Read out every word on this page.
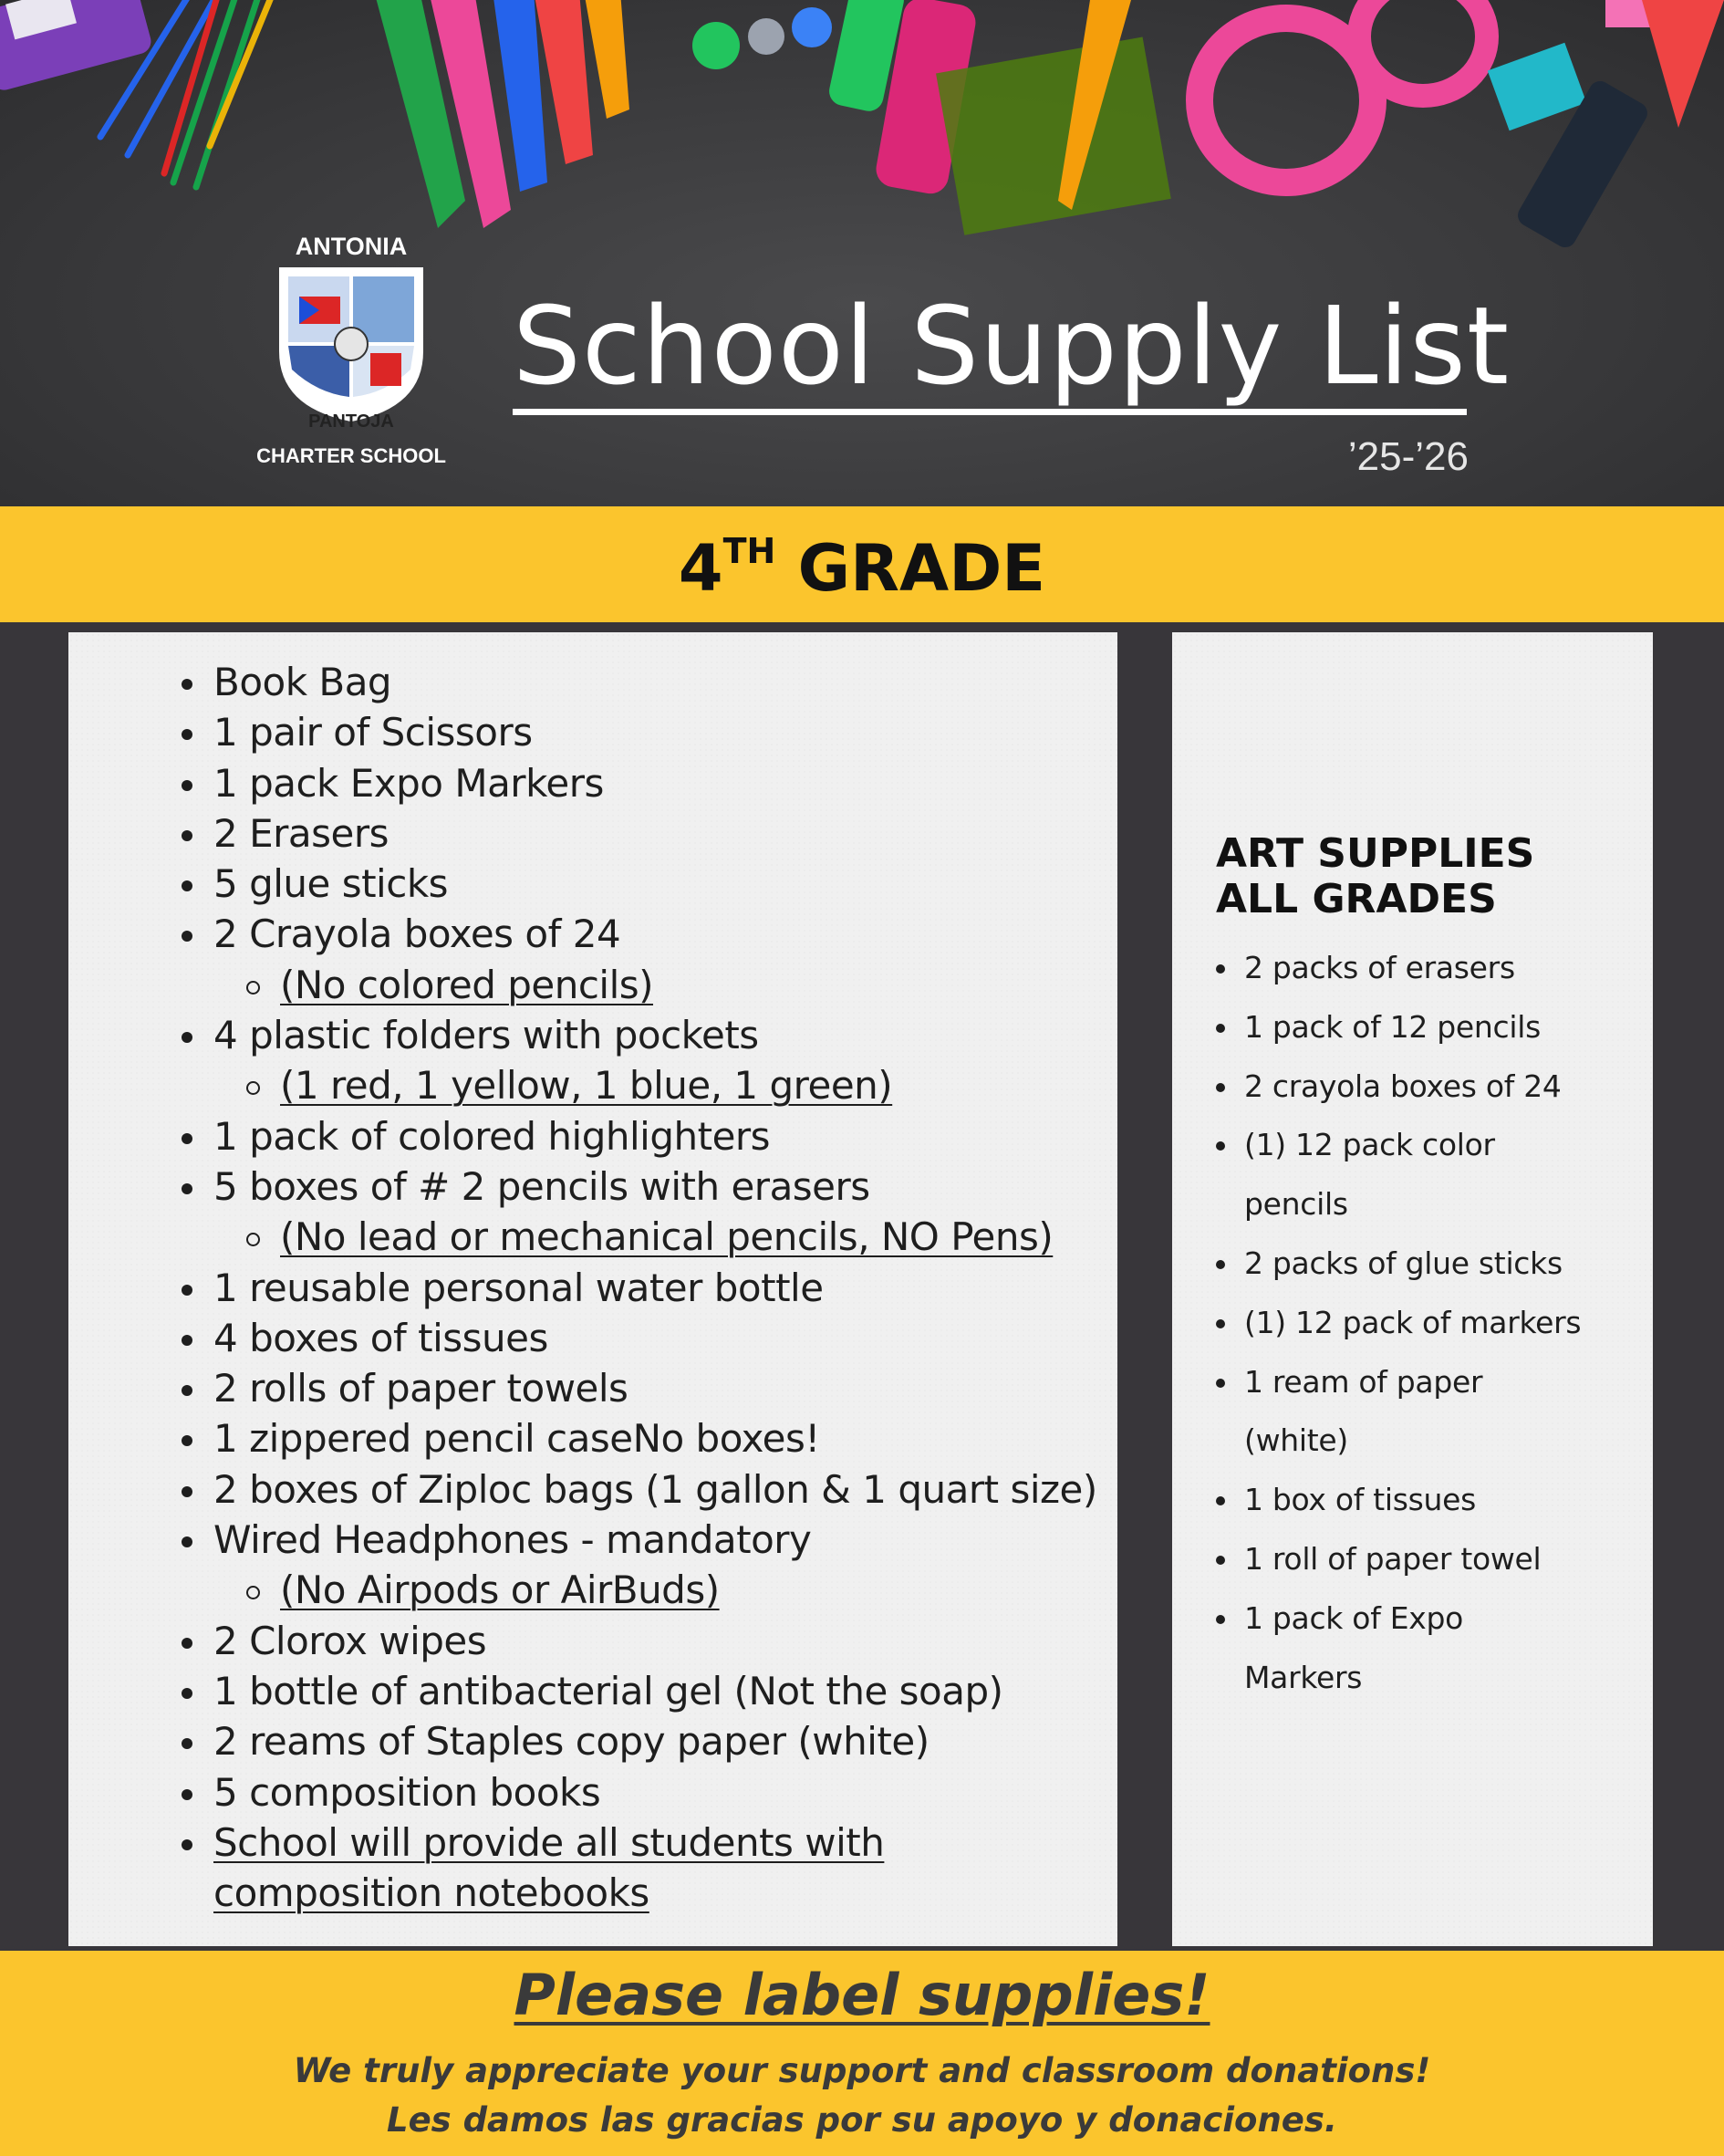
ANTONIA
PANTOJA
CHARTER SCHOOL
School Supply List
’25-’26
4TH GRADE
Book Bag
1 pair of Scissors
1 pack Expo Markers
2 Erasers
5 glue sticks
2 Crayola boxes of 24
(No colored pencils)
4 plastic folders with pockets
(1 red, 1 yellow, 1 blue, 1 green)
1 pack of colored highlighters
5 boxes of # 2 pencils with erasers
(No lead or mechanical pencils, NO Pens)
1 reusable personal water bottle
4 boxes of tissues
2 rolls of paper towels
1 zippered pencil caseNo boxes!
2 boxes of Ziploc bags (1 gallon & 1 quart size)
Wired Headphones - mandatory
(No Airpods or AirBuds)
2 Clorox wipes
1 bottle of antibacterial gel (Not the soap)
2 reams of Staples copy paper (white)
5 composition books
School will provide all students with
composition notebooks
ART SUPPLIES
ALL GRADES
2 packs of erasers
1 pack of 12 pencils
2 crayola boxes of 24
(1) 12 pack color
pencils
2 packs of glue sticks
(1) 12 pack of markers
1 ream of paper
(white)
1 box of tissues
1 roll of paper towel
1 pack of Expo
Markers
Please label supplies!
We truly appreciate your support and classroom donations!
Les damos las gracias por su apoyo y donaciones.
